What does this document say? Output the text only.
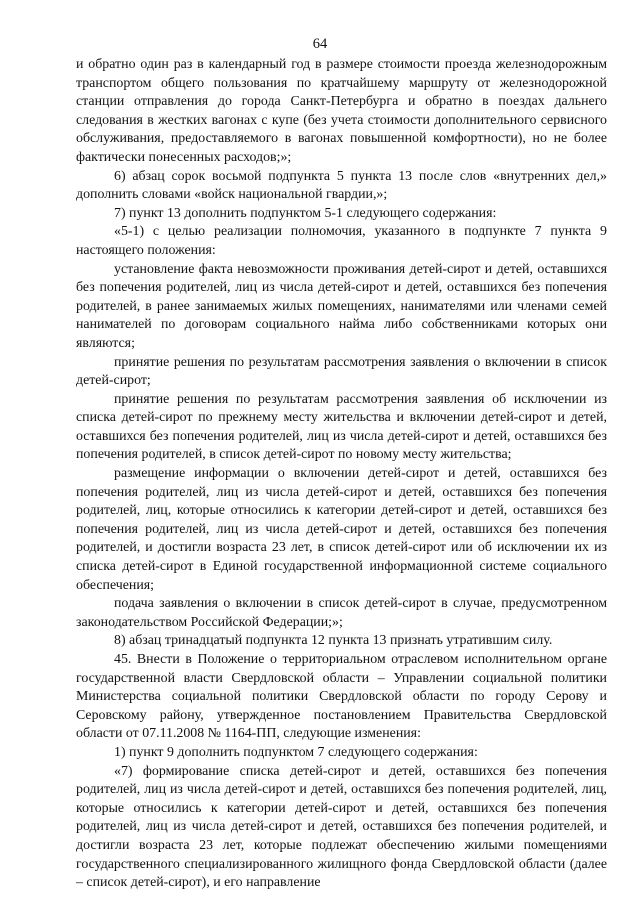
64

и обратно один раз в календарный год в размере стоимости проезда железнодорожным транспортом общего пользования по кратчайшему маршруту от железнодорожной станции отправления до города Санкт-Петербурга и обратно в поездах дальнего следования в жестких вагонах с купе (без учета стоимости дополнительного сервисного обслуживания, предоставляемого в вагонах повышенной комфортности), но не более фактически понесенных расходов;»;

6) абзац сорок восьмой подпункта 5 пункта 13 после слов «внутренних дел,» дополнить словами «войск национальной гвардии,»;

7) пункт 13 дополнить подпунктом 5-1 следующего содержания:

«5-1) с целью реализации полномочия, указанного в подпункте 7 пункта 9 настоящего положения:

установление факта невозможности проживания детей-сирот и детей, оставшихся без попечения родителей, лиц из числа детей-сирот и детей, оставшихся без попечения родителей, в ранее занимаемых жилых помещениях, нанимателями или членами семей нанимателей по договорам социального найма либо собственниками которых они являются;

принятие решения по результатам рассмотрения заявления о включении в список детей-сирот;

принятие решения по результатам рассмотрения заявления об исключении из списка детей-сирот по прежнему месту жительства и включении детей-сирот и детей, оставшихся без попечения родителей, лиц из числа детей-сирот и детей, оставшихся без попечения родителей, в список детей-сирот по новому месту жительства;

размещение информации о включении детей-сирот и детей, оставшихся без попечения родителей, лиц из числа детей-сирот и детей, оставшихся без попечения родителей, лиц, которые относились к категории детей-сирот и детей, оставшихся без попечения родителей, лиц из числа детей-сирот и детей, оставшихся без попечения родителей, и достигли возраста 23 лет, в список детей-сирот или об исключении их из списка детей-сирот в Единой государственной информационной системе социального обеспечения;

подача заявления о включении в список детей-сирот в случае, предусмотренном законодательством Российской Федерации;»;

8) абзац тринадцатый подпункта 12 пункта 13 признать утратившим силу.

45. Внести в Положение о территориальном отраслевом исполнительном органе государственной власти Свердловской области – Управлении социальной политики Министерства социальной политики Свердловской области по городу Серову и Серовскому району, утвержденное постановлением Правительства Свердловской области от 07.11.2008 № 1164-ПП, следующие изменения:

1) пункт 9 дополнить подпунктом 7 следующего содержания:

«7) формирование списка детей-сирот и детей, оставшихся без попечения родителей, лиц из числа детей-сирот и детей, оставшихся без попечения родителей, лиц, которые относились к категории детей-сирот и детей, оставшихся без попечения родителей, лиц из числа детей-сирот и детей, оставшихся без попечения родителей, и достигли возраста 23 лет, которые подлежат обеспечению жилыми помещениями государственного специализированного жилищного фонда Свердловской области (далее – список детей-сирот), и его направление
